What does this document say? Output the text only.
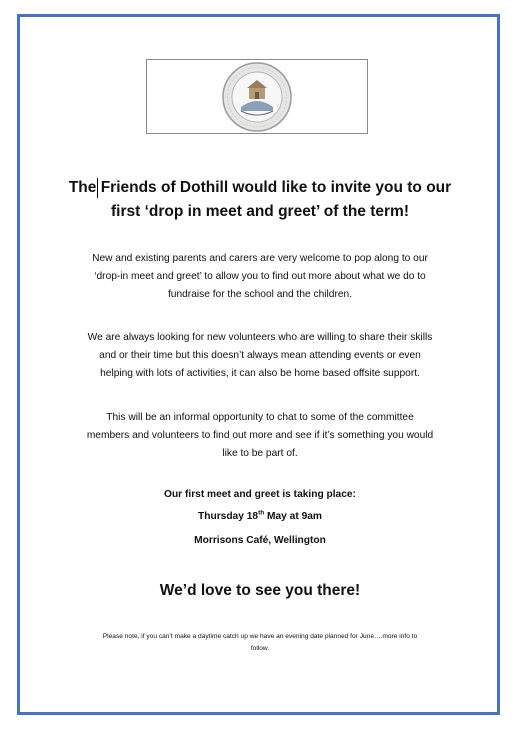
The Friends of Dothill would like to invite you to our
first ‘drop in meet and greet’ of the term!

New and existing parents and carers are very welcome to pop along to our
‘drop-in meet and greet’ to allow you to find out more about what we do to
fundraise for the school and the children.

We are always looking for new volunteers who are willing to share their skills
and or their time but this doesn’t always mean attending events or even
helping with lots of activities, it can also be home based offsite support.

This will be an informal opportunity to chat to some of the committee
members and volunteers to find out more and see if it’s something you would
like to be part of.

Our first meet and greet is taking place:

Thursday 18th May at 9am

Morrisons Café, Wellington

We’d love to see you there!

Please note, if you can’t make a daytime catch up we have an evening date planned for June….more info to
follow.
